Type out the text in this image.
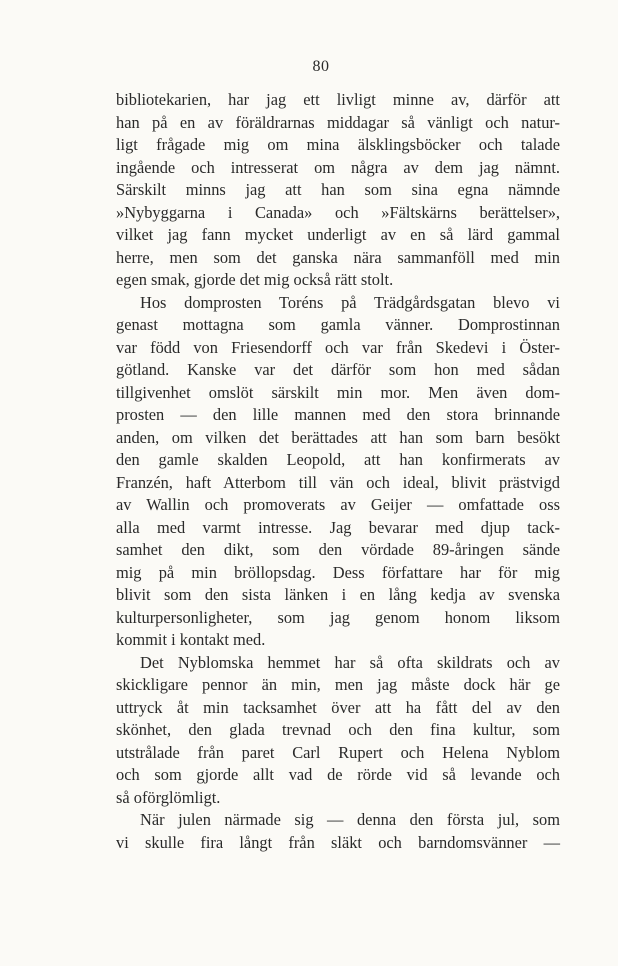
80
bibliotekarien, har jag ett livligt minne av, därför att
han på en av föräldrarnas middagar så vänligt och natur-
ligt frågade mig om mina älsklingsböcker och talade
ingående och intresserat om några av dem jag nämnt.
Särskilt minns jag att han som sina egna nämnde
»Nybyggarna i Canada» och »Fältskärns berättelser»,
vilket jag fann mycket underligt av en så lärd gammal
herre, men som det ganska nära sammanföll med min
egen smak, gjorde det mig också rätt stolt.
Hos domprosten Toréns på Trädgårdsgatan blevo vi
genast mottagna som gamla vänner. Domprostinnan
var född von Friesendorff och var från Skedevi i Öster-
götland. Kanske var det därför som hon med sådan
tillgivenhet omslöt särskilt min mor. Men även dom-
prosten — den lille mannen med den stora brinnande
anden, om vilken det berättades att han som barn besökt
den gamle skalden Leopold, att han konfirmerats av
Franzén, haft Atterbom till vän och ideal, blivit prästvigd
av Wallin och promoverats av Geijer — omfattade oss
alla med varmt intresse. Jag bevarar med djup tack-
samhet den dikt, som den vördade 89-åringen sände
mig på min bröllopsdag. Dess författare har för mig
blivit som den sista länken i en lång kedja av svenska
kulturpersonligheter, som jag genom honom liksom
kommit i kontakt med.
Det Nyblomska hemmet har så ofta skildrats och av
skickligare pennor än min, men jag måste dock här ge
uttryck åt min tacksamhet över att ha fått del av den
skönhet, den glada trevnad och den fina kultur, som
utstrålade från paret Carl Rupert och Helena Nyblom
och som gjorde allt vad de rörde vid så levande och
så oförglömligt.
När julen närmade sig — denna den första jul, som
vi skulle fira långt från släkt och barndomsvänner —
